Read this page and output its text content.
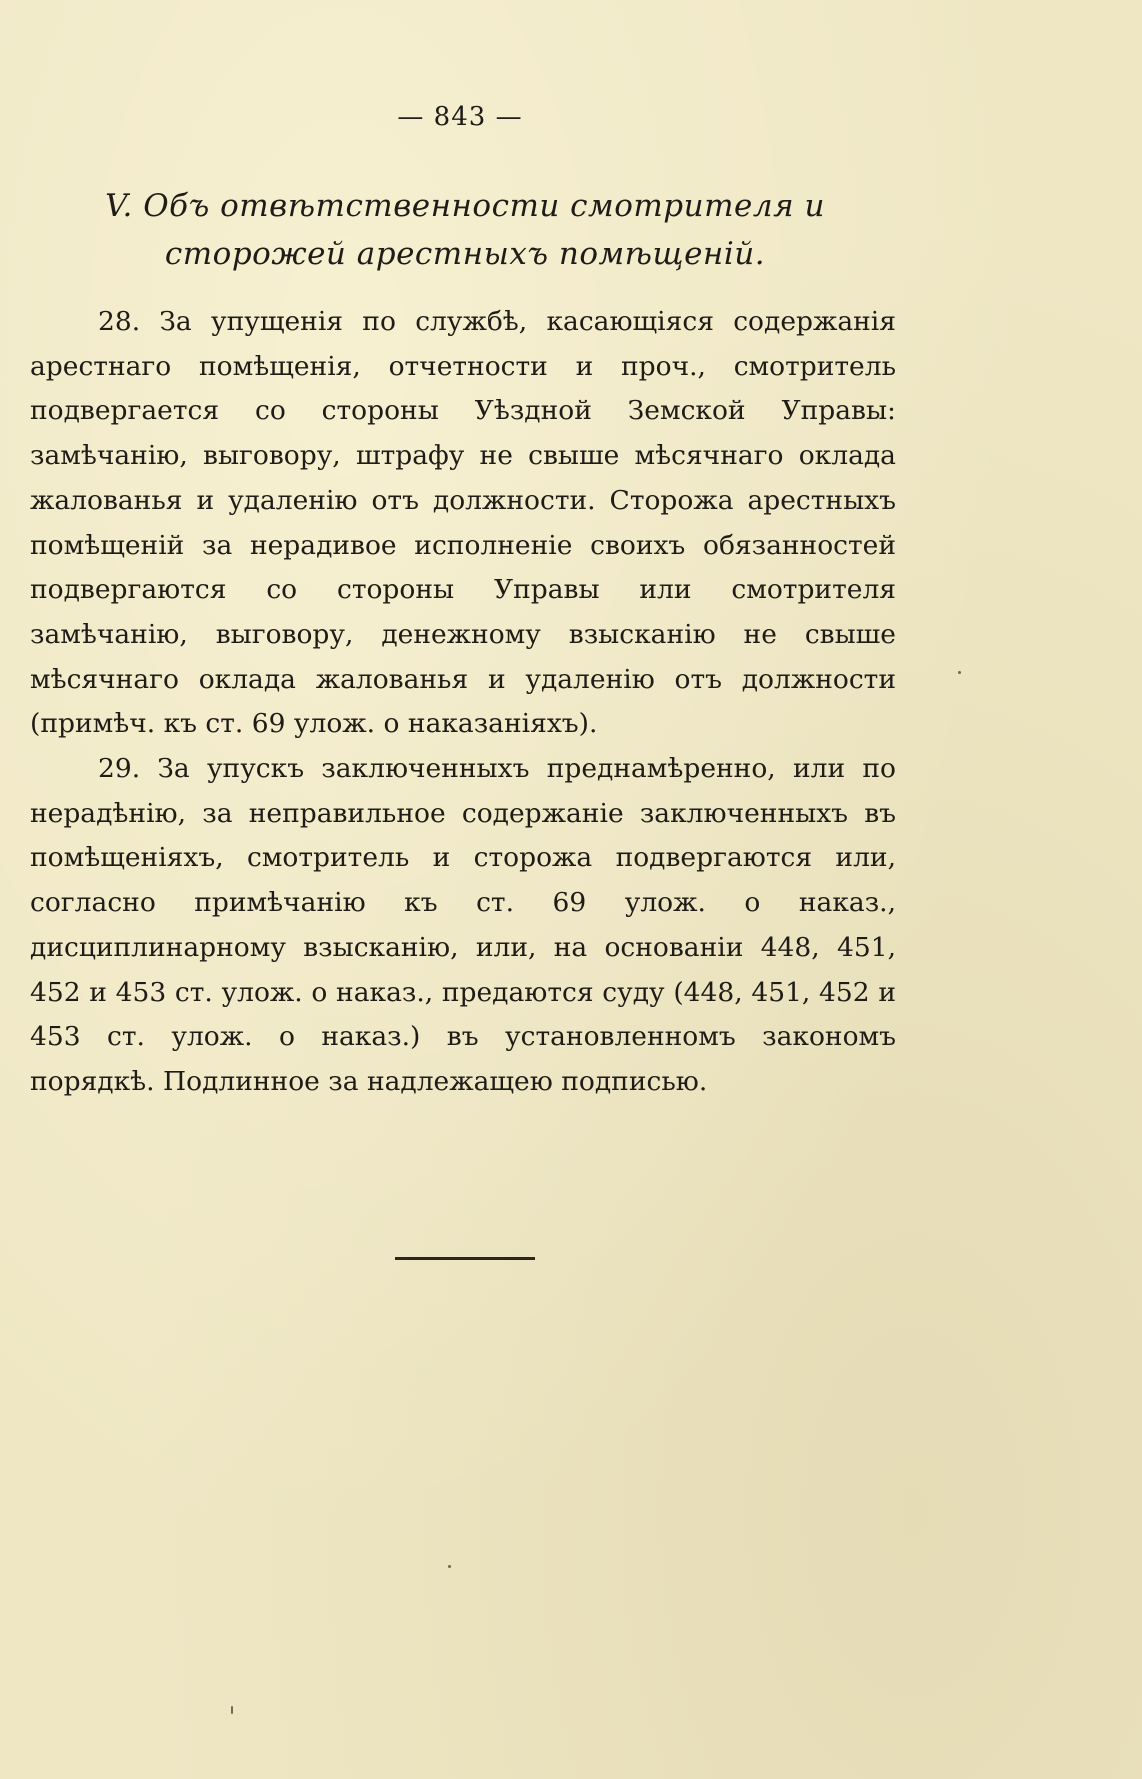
— 843 —
V. Объ отвѣтственности смотрителя и сторожей арестныхъ помѣщеній.

28. За упущенія по службѣ, касающіяся содержанія арестнаго помѣщенія, отчетности и проч., смотритель подвергается со стороны Уѣздной Земской Управы: замѣчанію, выговору, штрафу не свыше мѣсячнаго оклада жалованья и удаленію отъ должности. Сторожа арестныхъ помѣщеній за нерадивое исполненіе своихъ обязанностей подвергаются со стороны Управы или смотрителя замѣчанію, выговору, денежному взысканію не свыше мѣсячнаго оклада жалованья и удаленію отъ должности (примѣч. къ ст. 69 улож. о наказаніяхъ).

29. За упускъ заключенныхъ преднамѣренно, или по нерадѣнію, за неправильное содержаніе заключенныхъ въ помѣщеніяхъ, смотритель и сторожа подвергаются или, согласно примѣчанію къ ст. 69 улож. о наказ., дисциплинарному взысканію, или, на основаніи 448, 451, 452 и 453 ст. улож. о наказ., предаются суду (448, 451, 452 и 453 ст. улож. о наказ.) въ установленномъ закономъ порядкѣ. Подлинное за надлежащею подписью.
